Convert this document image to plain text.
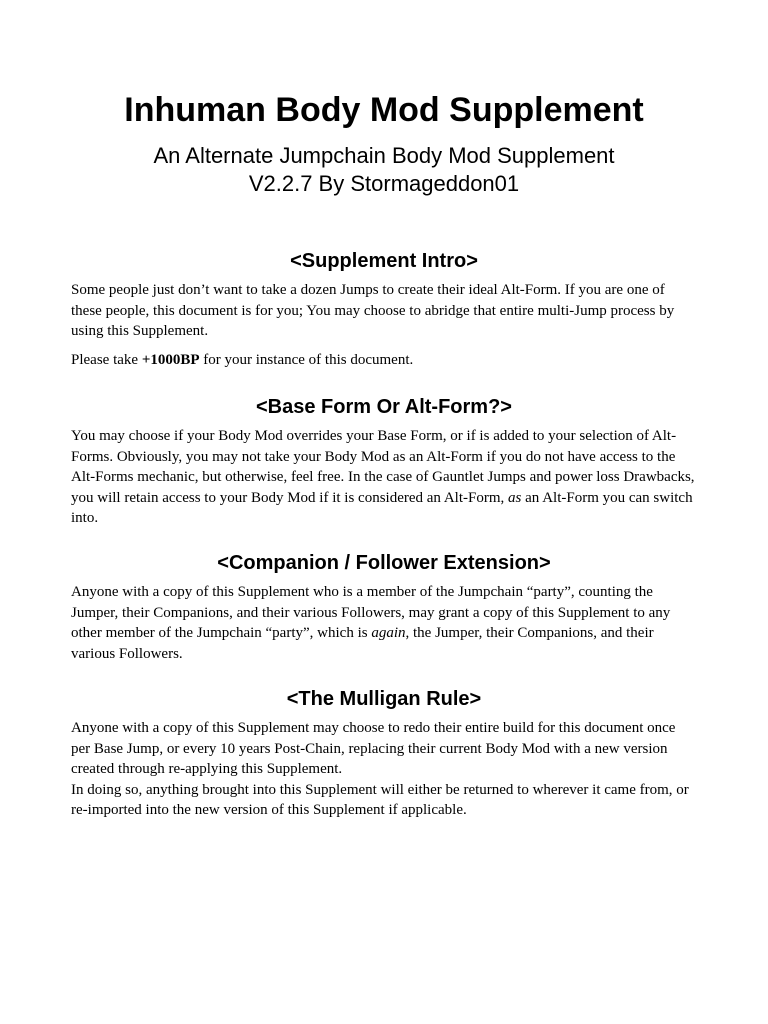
Inhuman Body Mod Supplement
An Alternate Jumpchain Body Mod Supplement
V2.2.7 By Stormageddon01
<Supplement Intro>

Some people just don’t want to take a dozen Jumps to create their ideal Alt-Form. If you are one of these people, this document is for you; You may choose to abridge that entire multi-Jump process by using this Supplement.

Please take +1000BP for your instance of this document.

<Base Form Or Alt-Form?>

You may choose if your Body Mod overrides your Base Form, or if is added to your selection of Alt-Forms. Obviously, you may not take your Body Mod as an Alt-Form if you do not have access to the Alt-Forms mechanic, but otherwise, feel free. In the case of Gauntlet Jumps and power loss Drawbacks, you will retain access to your Body Mod if it is considered an Alt-Form, as an Alt-Form you can switch into.

<Companion / Follower Extension>

Anyone with a copy of this Supplement who is a member of the Jumpchain “party”, counting the Jumper, their Companions, and their various Followers, may grant a copy of this Supplement to any other member of the Jumpchain “party”, which is again, the Jumper, their Companions, and their various Followers.

<The Mulligan Rule>

Anyone with a copy of this Supplement may choose to redo their entire build for this document once per Base Jump, or every 10 years Post-Chain, replacing their current Body Mod with a new version created through re-applying this Supplement.

In doing so, anything brought into this Supplement will either be returned to wherever it came from, or re-imported into the new version of this Supplement if applicable.
